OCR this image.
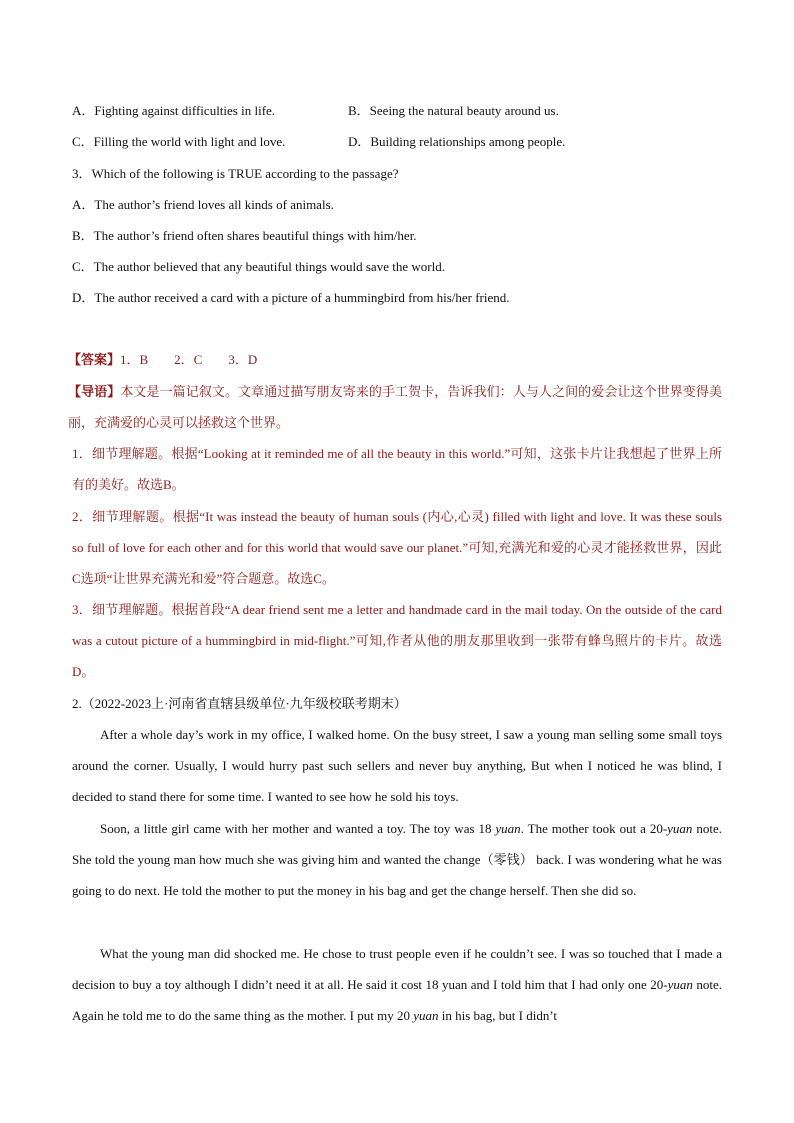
A．Fighting against difficulties in life.	B．Seeing the natural beauty around us.
C．Filling the world with light and love.	D．Building relationships among people.
3．Which of the following is TRUE according to the passage?
A．The author’s friend loves all kinds of animals.
B．The author’s friend often shares beautiful things with him/her.
C．The author believed that any beautiful things would save the world.
D．The author received a card with a picture of a hummingbird from his/her friend.
【答案】1．B        2．C        3．D
【导语】本文是一篇记叙文。文章通过描写朋友寄来的手工贺卡，告诉我们：人与人之间的爱会让这个世界变得美丽，充满爱的心灵可以拯救这个世界。
1．细节理解题。根据“Looking at it reminded me of all the beauty in this world.”可知，这张卡片让我想起了世界上所有的美好。故选B。
2．细节理解题。根据“It was instead the beauty of human souls (内心,心灵) filled with light and love. It was these souls so full of love for each other and for this world that would save our planet.”可知,充满光和爱的心灵才能拯救世界，因此C选项“让世界充满光和爱”符合题意。故选C。
3．细节理解题。根据首段“A dear friend sent me a letter and handmade card in the mail today. On the outside of the card was a cutout picture of a hummingbird in mid-flight.”可知,作者从他的朋友那里收到一张带有蜂鸟照片的卡片。故选D。
2.（2022-2023上·河南省直辖县级单位·九年级校联考期末）
After a whole day’s work in my office, I walked home. On the busy street, I saw a young man selling some small toys around the corner. Usually, I would hurry past such sellers and never buy anything, But when I noticed he was blind, I decided to stand there for some time. I wanted to see how he sold his toys.
Soon, a little girl came with her mother and wanted a toy. The toy was 18 yuan. The mother took out a 20-yuan note. She told the young man how much she was giving him and wanted the change（零钱） back. I was wondering what he was going to do next. He told the mother to put the money in his bag and get the change herself. Then she did so.
What the young man did shocked me. He chose to trust people even if he couldn’t see. I was so touched that I made a decision to buy a toy although I didn’t need it at all. He said it cost 18 yuan and I told him that I had only one 20-yuan note. Again he told me to do the same thing as the mother. I put my 20 yuan in his bag, but I didn’t
